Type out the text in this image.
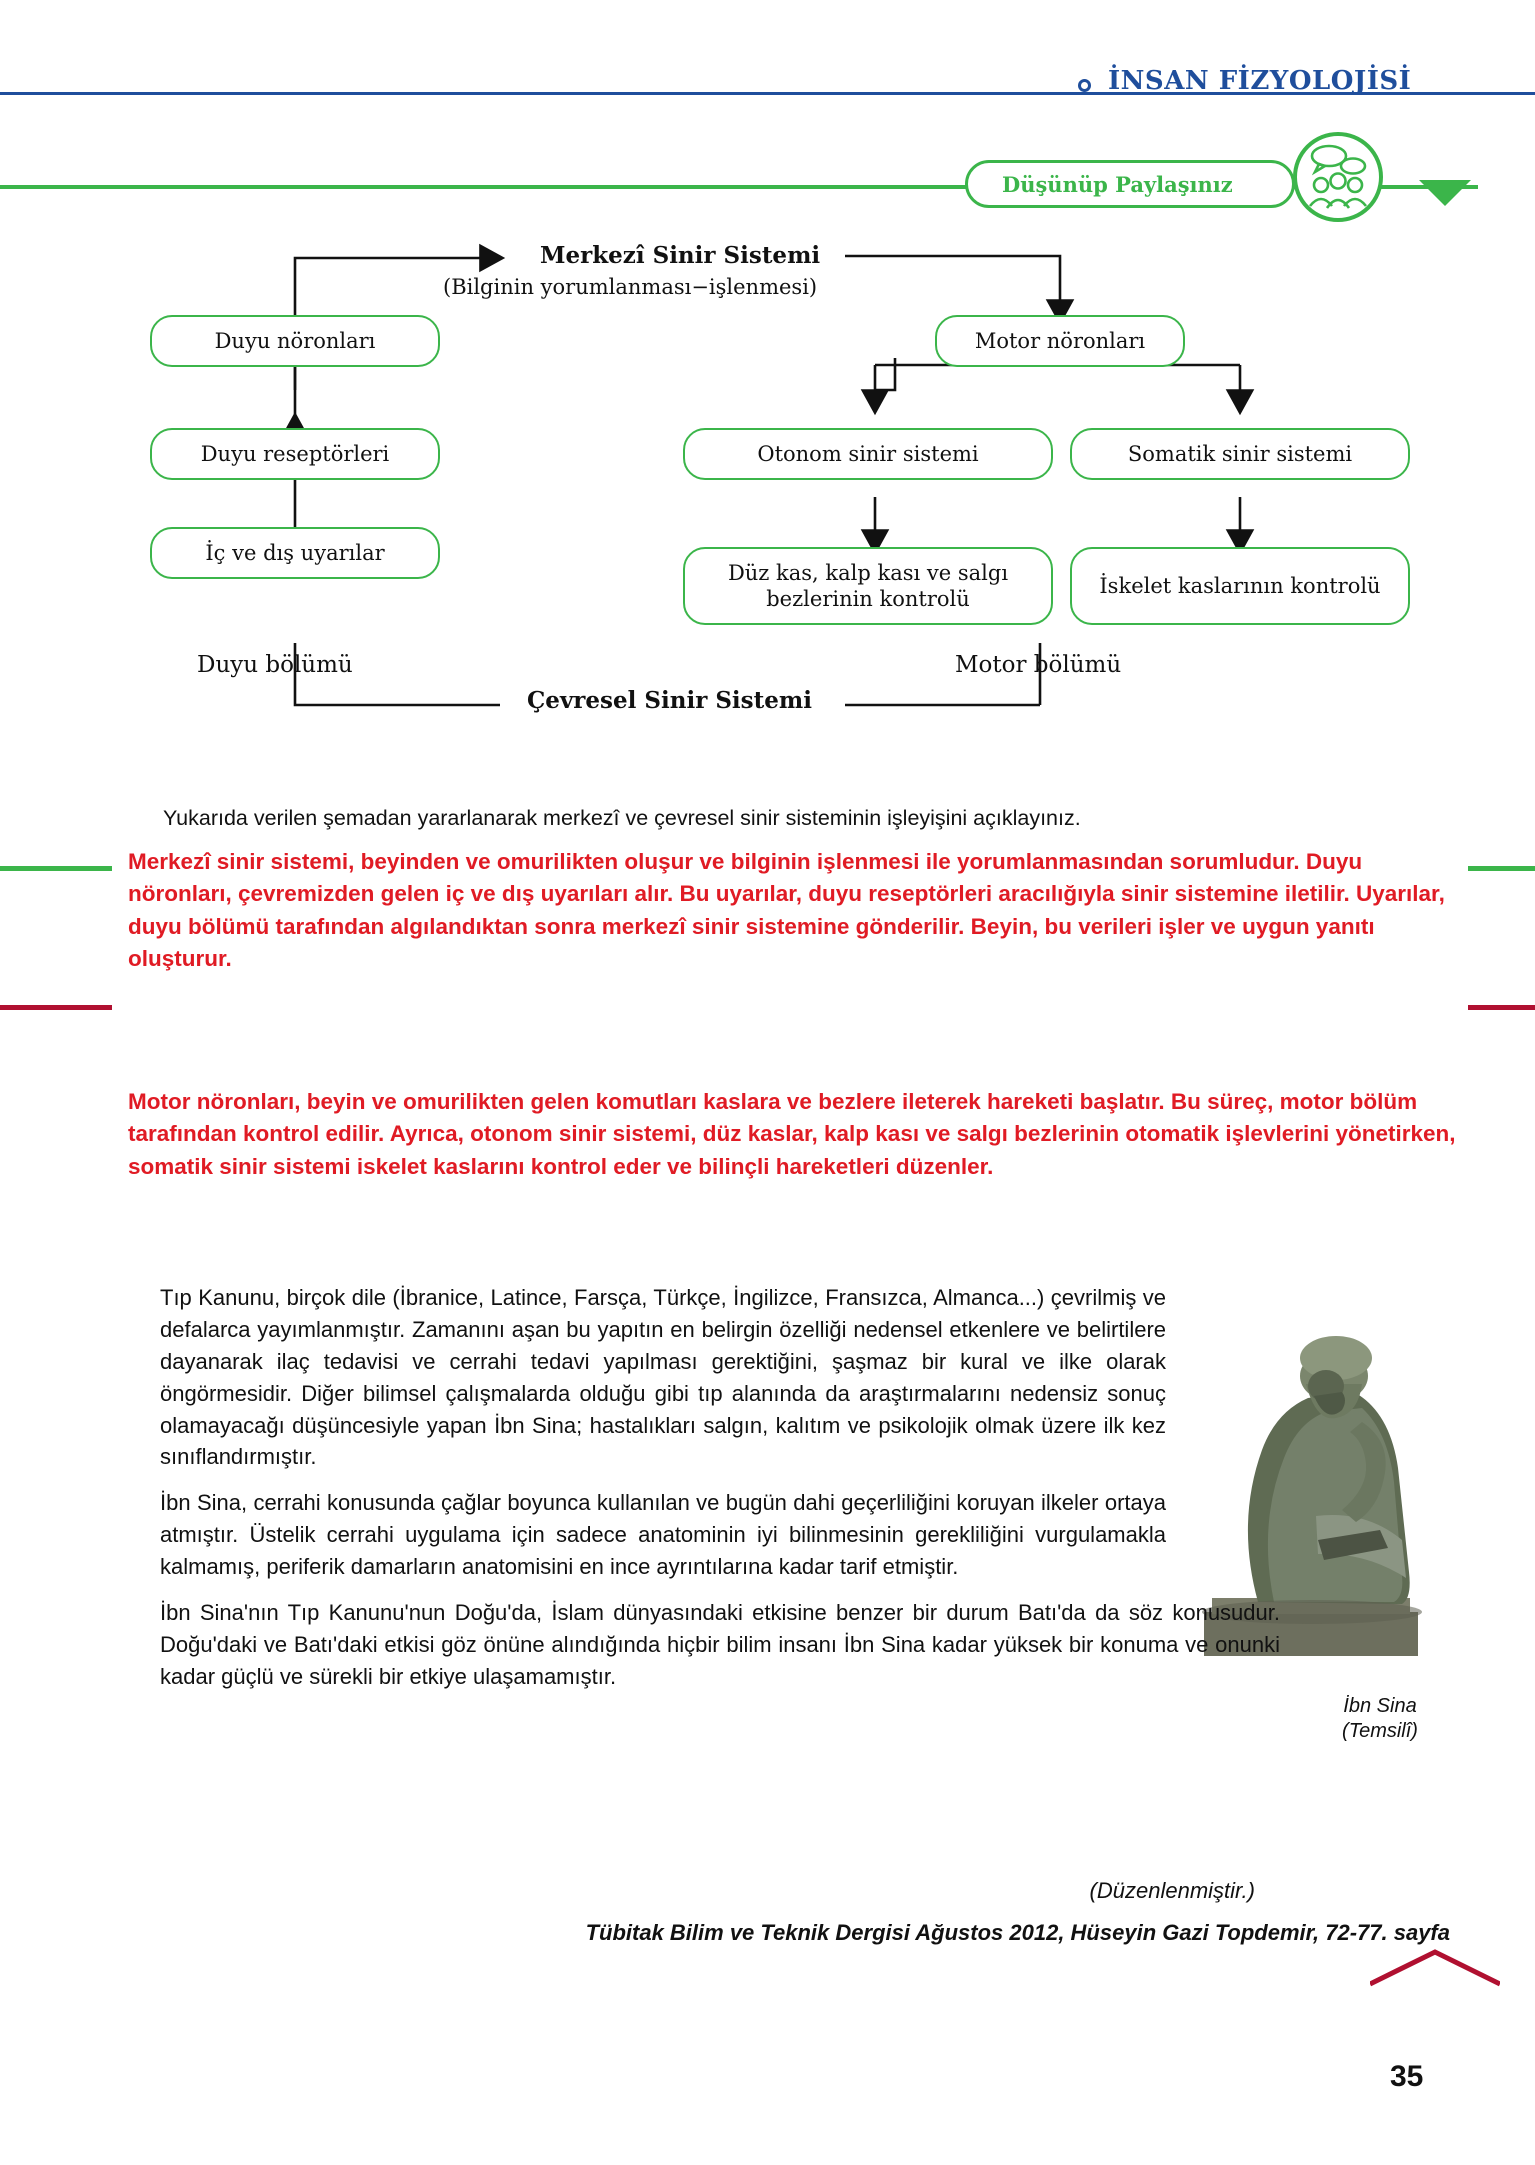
İNSAN FİZYOLOJİSİ
Düşünüp Paylaşınız
Merkezî Sinir Sistemi
(Bilginin yorumlanması−işlenmesi)
Duyu nöronları
Duyu reseptörleri
İç ve dış uyarılar
Motor nöronları
Otonom sinir sistemi	Somatik sinir sistemi
Düz kas, kalp kası ve salgı bezlerinin kontrolü
İskelet kaslarının kontrolü
Duyu bölümü	Motor bölümü
Çevresel Sinir Sistemi
Yukarıda verilen şemadan yararlanarak merkezî ve çevresel sinir sisteminin işleyişini açıklayınız.
Merkezî sinir sistemi, beyinden ve omurilikten oluşur ve bilginin işlenmesi ile yorumlanmasından sorumludur. Duyu nöronları, çevremizden gelen iç ve dış uyarıları alır. Bu uyarılar, duyu reseptörleri aracılığıyla sinir sistemine iletilir. Uyarılar, duyu bölümü tarafından algılandıktan sonra merkezî sinir sistemine gönderilir. Beyin, bu verileri işler ve uygun yanıtı oluşturur.
Motor nöronları, beyin ve omurilikten gelen komutları kaslara ve bezlere ileterek hareketi başlatır. Bu süreç, motor bölüm tarafından kontrol edilir. Ayrıca, otonom sinir sistemi, düz kaslar, kalp kası ve salgı bezlerinin otomatik işlevlerini yönetirken, somatik sinir sistemi iskelet kaslarını kontrol eder ve bilinçli hareketleri düzenler.
İbn Sina
(Temsilî)

Tıp Kanunu, birçok dile (İbranice, Latince, Farsça, Türkçe, İngilizce, Fransızca, Almanca...) çevrilmiş ve defalarca yayımlanmıştır. Zamanını aşan bu yapıtın en belirgin özelliği nedensel etkenlere ve belirtilere dayanarak ilaç tedavisi ve cerrahi tedavi yapılması gerektiğini, şaşmaz bir kural ve ilke olarak öngörmesidir. Diğer bilimsel çalışmalarda olduğu gibi tıp alanında da araştırmalarını nedensiz sonuç olamayacağı düşüncesiyle yapan İbn Sina; hastalıkları salgın, kalıtım ve psikolojik olmak üzere ilk kez sınıflandırmıştır.

İbn Sina, cerrahi konusunda çağlar boyunca kullanılan ve bugün dahi geçerliliğini koruyan ilkeler ortaya atmıştır. Üstelik cerrahi uygulama için sadece anatominin iyi bilinmesinin gerekliliğini vurgulamakla kalmamış, periferik damarların anatomisini en ince ayrıntılarına kadar tarif etmiştir.

İbn Sina'nın Tıp Kanunu'nun Doğu'da, İslam dünyasındaki etkisine benzer bir durum Batı'da da söz konusudur. Doğu'daki ve Batı'daki etkisi göz önüne alındığında hiçbir bilim insanı İbn Sina kadar yüksek bir konuma ve onunki kadar güçlü ve sürekli bir etkiye ulaşamamıştır.

(Düzenlenmiştir.)
Tübitak Bilim ve Teknik Dergisi Ağustos 2012, Hüseyin Gazi Topdemir, 72-77. sayfa
35
